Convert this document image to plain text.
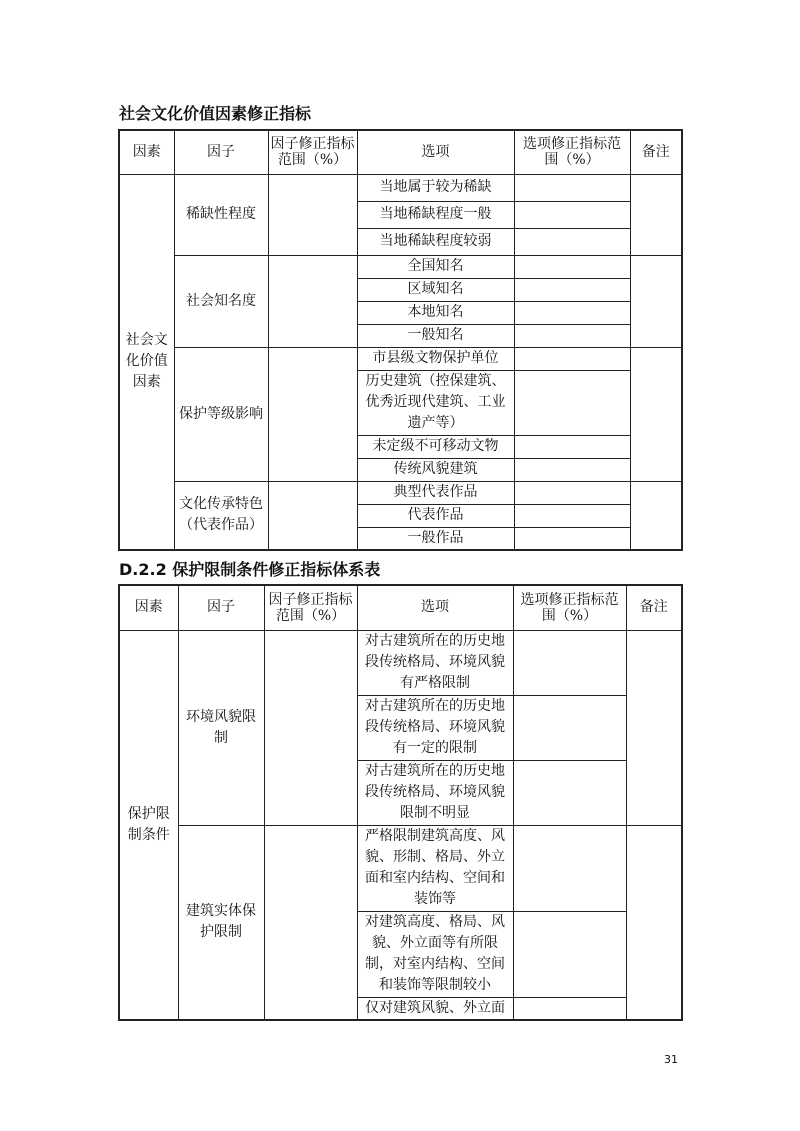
社会文化价值因素修正指标
因素	因子	因子修正指标范围（%）	选项	选项修正指标范围（%）	备注
社会文化价值因素	稀缺性程度		当地属于较为稀缺		
			当地稀缺程度一般		
			当地稀缺程度较弱		
	社会知名度		全国知名		
			区域知名		
			本地知名		
			一般知名		
	保护等级影响		市县级文物保护单位		
			历史建筑（控保建筑、优秀近现代建筑、工业遗产等）		
			未定级不可移动文物		
			传统风貌建筑		
	文化传承特色（代表作品）		典型代表作品		
			代表作品		
			一般作品		
D.2.2 保护限制条件修正指标体系表
因素	因子	因子修正指标范围（%）	选项	选项修正指标范围（%）	备注
保护限制条件	环境风貌限制		对古建筑所在的历史地段传统格局、环境风貌有严格限制		
			对古建筑所在的历史地段传统格局、环境风貌有一定的限制		
			对古建筑所在的历史地段传统格局、环境风貌限制不明显		
	建筑实体保护限制		严格限制建筑高度、风貌、形制、格局、外立面和室内结构、空间和装饰等		
			对建筑高度、格局、风貌、外立面等有所限制，对室内结构、空间和装饰等限制较小		
			仅对建筑风貌、外立面		
31
